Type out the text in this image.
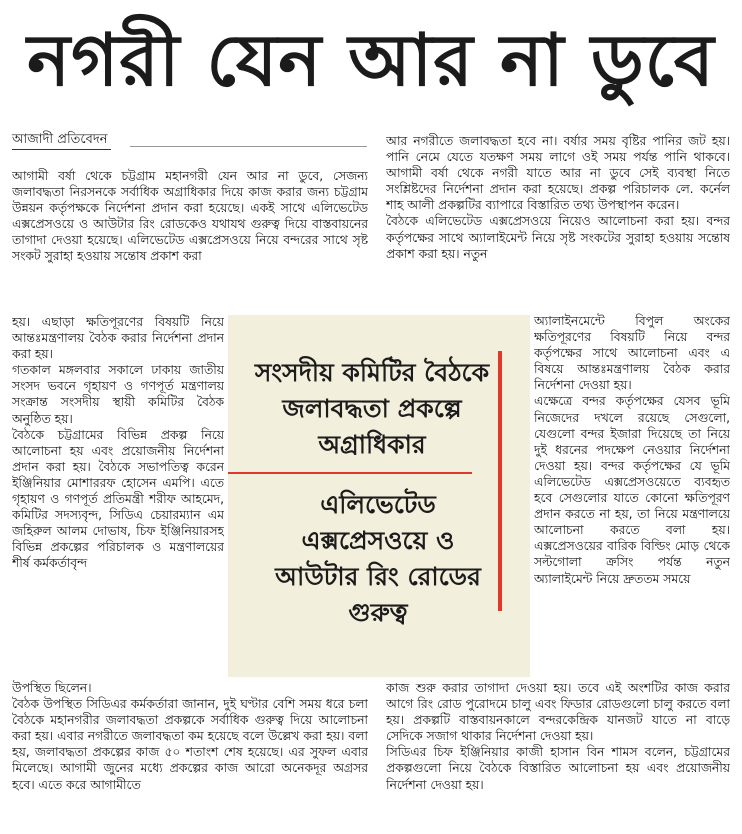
নগরী যেন আর না ডুবে
আজাদী প্রতিবেদন

আগামী বর্ষা থেকে চট্টগ্রাম মহানগরী যেন আর না ডুবে, সেজন্য জলাবদ্ধতা নিরসনকে সর্বাধিক অগ্রাধিকার দিয়ে কাজ করার জন্য চট্টগ্রাম উন্নয়ন কর্তৃপক্ষকে নির্দেশনা প্রদান করা হয়েছে। একই সাথে এলিভেটেড এক্সপ্রেসওয়ে ও আউটার রিং রোডকেও যথাযথ গুরুত্ব দিয়ে বাস্তবায়নের তাগাদা দেওয়া হয়েছে। এলিভেটেড এক্সপ্রেসওয়ে নিয়ে বন্দরের সাথে সৃষ্ট সংকট সুরাহা হওয়ায় সন্তোষ প্রকাশ করা

হয়। এছাড়া ক্ষতিপূরণের বিষয়টি নিয়ে আন্তঃমন্ত্রণালয় বৈঠক করার নির্দেশনা প্রদান করা হয়।

গতকাল মঙ্গলবার সকালে ঢাকায় জাতীয় সংসদ ভবনে গৃহায়ণ ও গণপূর্ত মন্ত্রণালয় সংক্রান্ত সংসদীয় স্থায়ী কমিটির বৈঠক অনুষ্ঠিত হয়।

বৈঠকে চট্টগ্রামের বিভিন্ন প্রকল্প নিয়ে আলোচনা হয় এবং প্রয়োজনীয় নির্দেশনা প্রদান করা হয়। বৈঠকে সভাপতিত্ব করেন ইঞ্জিনিয়ার মোশাররফ হোসেন এমপি। এতে গৃহায়ণ ও গণপূর্ত প্রতিমন্ত্রী শরীফ আহমেদ, কমিটির সদস্যবৃন্দ, সিডিএ চেয়ারম্যান এম জহিরুল আলম দোভাষ, চিফ ইঞ্জিনিয়ারসহ বিভিন্ন প্রকল্পের পরিচালক ও মন্ত্রণালয়ের শীর্ষ কর্মকর্তাবৃন্দ

উপস্থিত ছিলেন।

বৈঠক উপস্থিত সিডিএর কর্মকর্তারা জানান, দুই ঘণ্টার বেশি সময় ধরে চলা বৈঠকে মহানগরীর জলাবদ্ধতা প্রকল্পকে সর্বাধিক গুরুত্ব দিয়ে আলোচনা করা হয়। এবার নগরীতে জলাবদ্ধতা কম হয়েছে বলে উল্লেখ করা হয়। বলা হয়, জলাবদ্ধতা প্রকল্পের কাজ ৫০ শতাংশ শেষ হয়েছে। এর সুফল এবার মিলেছে। আগামী জুনের মধ্যে প্রকল্পের কাজ আরো অনেকদূর অগ্রসর হবে। এতে করে আগামীতে

আর নগরীতে জলাবদ্ধতা হবে না। বর্ষার সময় বৃষ্টির পানির জট হয়। পানি নেমে যেতে যতক্ষণ সময় লাগে ওই সময় পর্যন্ত পানি থাকবে। আগামী বর্ষা থেকে নগরী যাতে আর না ডুবে সেই ব্যবস্থা নিতে সংশ্লিষ্টদের নির্দেশনা প্রদান করা হয়েছে। প্রকল্প পরিচালক লে. কর্নেল শাহ আলী প্রকল্পটির ব্যাপারে বিস্তারিত তথ্য উপস্থাপন করেন।

বৈঠকে এলিভেটেড এক্সপ্রেসওয়ে নিয়েও আলোচনা করা হয়। বন্দর কর্তৃপক্ষের সাথে অ্যালাইমেন্ট নিয়ে সৃষ্ট সংকটের সুরাহা হওয়ায় সন্তোষ প্রকাশ করা হয়। নতুন

অ্যালাইনমেন্টে বিপুল অংকের ক্ষতিপূরণের বিষয়টি নিয়ে বন্দর কর্তৃপক্ষের সাথে আলোচনা এবং এ বিষয়ে আন্তঃমন্ত্রণালয় বৈঠক করার নির্দেশনা দেওয়া হয়।

এক্ষেত্রে বন্দর কর্তৃপক্ষের যেসব ভূমি নিজেদের দখলে রয়েছে সেগুলো, যেগুলো বন্দর ইজারা দিয়েছে তা নিয়ে দুই ধরনের পদক্ষেপ নেওয়ার নির্দেশনা দেওয়া হয়। বন্দর কর্তৃপক্ষের যে ভূমি এলিভেটেড এক্সপ্রেসওয়েতে ব্যবহৃত হবে সেগুলোর যাতে কোনো ক্ষতিপূরণ প্রদান করতে না হয়, তা নিয়ে মন্ত্রণালয়ে আলোচনা করতে বলা হয়। এক্সপ্রেসওয়ের বারিক বিল্ডিং মোড় থেকে সল্টগোলা ক্রসিং পর্যন্ত নতুন অ্যালাইমেন্ট নিয়ে দ্রুততম সময়ে

কাজ শুরু করার তাগাদা দেওয়া হয়। তবে এই অংশটির কাজ করার আগে রিং রোড পুরোদমে চালু এবং ফিডার রোডগুলো চালু করতে বলা হয়। প্রকল্পটি বাস্তবায়নকালে বন্দরকেন্দ্রিক যানজট যাতে না বাড়ে সেদিকে সজাগ থাকার নির্দেশনা দেওয়া হয়।

সিডিএর চিফ ইঞ্জিনিয়ার কাজী হাসান বিন শামস বলেন, চট্টগ্রামের প্রকল্পগুলো নিয়ে বৈঠকে বিস্তারিত আলোচনা হয় এবং প্রয়োজনীয় নির্দেশনা দেওয়া হয়।

সংসদীয় কমিটির বৈঠকে জলাবদ্ধতা প্রকল্পে অগ্রাধিকার
এলিভেটেড এক্সপ্রেসওয়ে ও আউটার রিং রোডের গুরুত্ব
